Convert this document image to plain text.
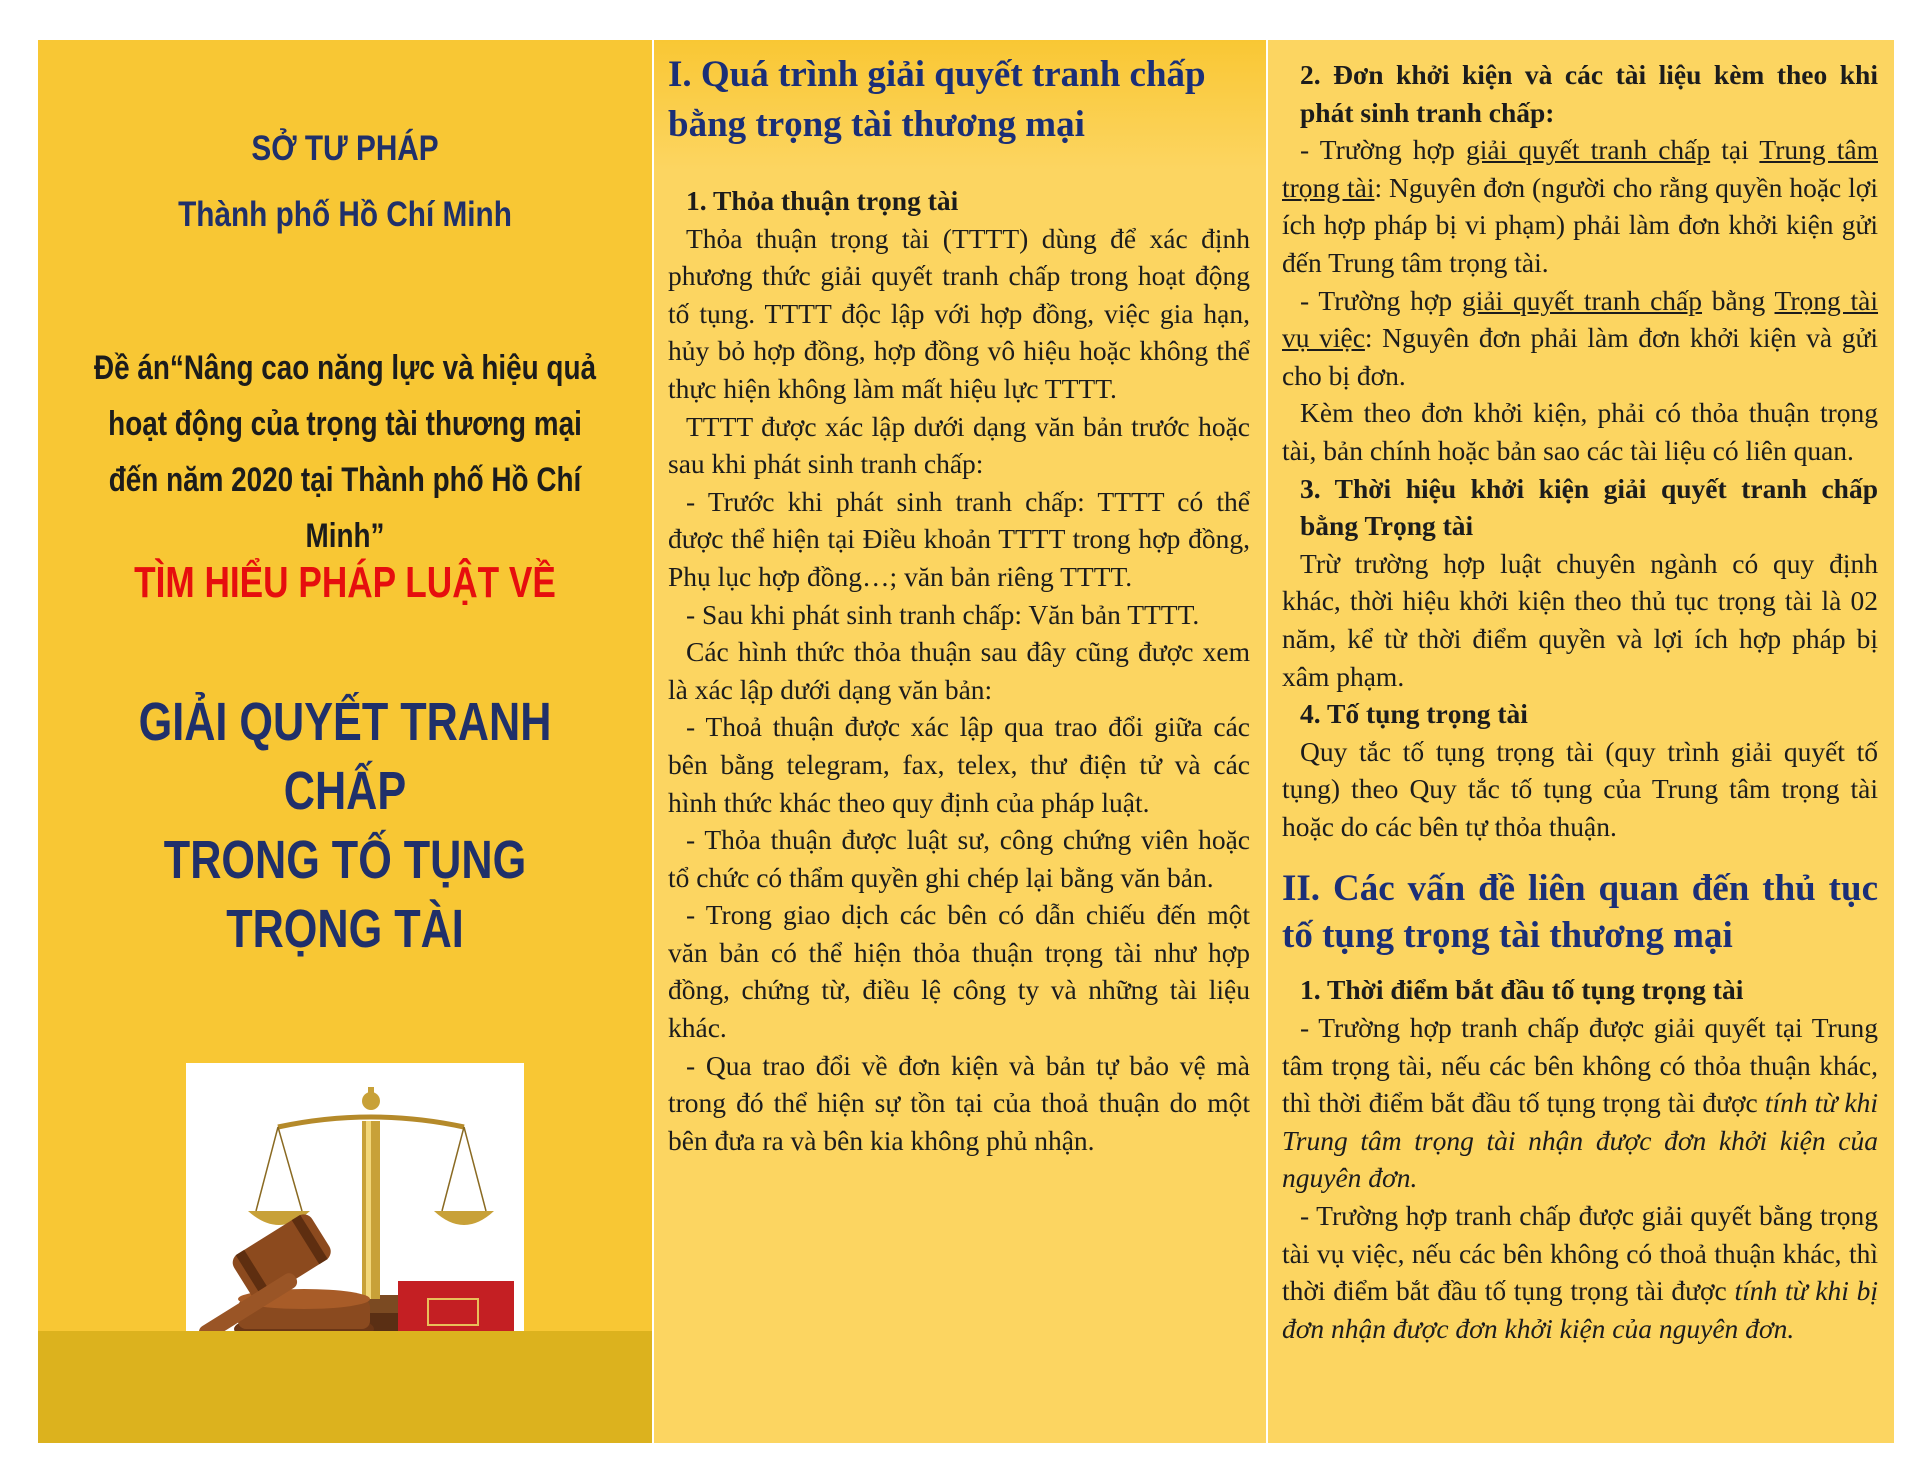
SỞ TƯ PHÁP
Thành phố Hồ Chí Minh
Đề án“Nâng cao năng lực và hiệu quả
hoạt động của trọng tài thương mại
đến năm 2020 tại Thành phố Hồ Chí Minh”
TÌM HIỂU PHÁP LUẬT VỀ
GIẢI QUYẾT TRANH CHẤP
TRONG TỐ TỤNG
TRỌNG TÀI
I. Quá trình giải quyết tranh chấp bằng trọng tài thương mại
1. Thỏa thuận trọng tài

Thỏa thuận trọng tài (TTTT) dùng để xác định phương thức giải quyết tranh chấp trong hoạt động tố tụng. TTTT độc lập với hợp đồng, việc gia hạn, hủy bỏ hợp đồng, hợp đồng vô hiệu hoặc không thể thực hiện không làm mất hiệu lực TTTT.

TTTT được xác lập dưới dạng văn bản trước hoặc sau khi phát sinh tranh chấp:

- Trước khi phát sinh tranh chấp: TTTT có thể được thể hiện tại Điều khoản TTTT trong hợp đồng, Phụ lục hợp đồng…; văn bản riêng TTTT.

- Sau khi phát sinh tranh chấp: Văn bản TTTT.

Các hình thức thỏa thuận sau đây cũng được xem là xác lập dưới dạng văn bản:

- Thoả thuận được xác lập qua trao đổi giữa các bên bằng telegram, fax, telex, thư điện tử và các hình thức khác theo quy định của pháp luật.

- Thỏa thuận được luật sư, công chứng viên hoặc tổ chức có thẩm quyền ghi chép lại bằng văn bản.

- Trong giao dịch các bên có dẫn chiếu đến một văn bản có thể hiện thỏa thuận trọng tài như hợp đồng, chứng từ, điều lệ công ty và những tài liệu khác.

- Qua trao đổi về đơn kiện và bản tự bảo vệ mà trong đó thể hiện sự tồn tại của thoả thuận do một bên đưa ra và bên kia không phủ nhận.

2. Đơn khởi kiện và các tài liệu kèm theo khi phát sinh tranh chấp:

- Trường hợp giải quyết tranh chấp tại Trung tâm trọng tài: Nguyên đơn (người cho rằng quyền hoặc lợi ích hợp pháp bị vi phạm) phải làm đơn khởi kiện gửi đến Trung tâm trọng tài.

- Trường hợp giải quyết tranh chấp bằng Trọng tài vụ việc: Nguyên đơn phải làm đơn khởi kiện và gửi cho bị đơn.

Kèm theo đơn khởi kiện, phải có thỏa thuận trọng tài, bản chính hoặc bản sao các tài liệu có liên quan.

3. Thời hiệu khởi kiện giải quyết tranh chấp bằng Trọng tài

Trừ trường hợp luật chuyên ngành có quy định khác, thời hiệu khởi kiện theo thủ tục trọng tài là 02 năm, kể từ thời điểm quyền và lợi ích hợp pháp bị xâm phạm.

4. Tố tụng trọng tài

Quy tắc tố tụng trọng tài (quy trình giải quyết tố tụng) theo Quy tắc tố tụng của Trung tâm trọng tài hoặc do các bên tự thỏa thuận.

II. Các vấn đề liên quan đến thủ tục tố tụng trọng tài thương mại
1. Thời điểm bắt đầu tố tụng trọng tài

- Trường hợp tranh chấp được giải quyết tại Trung tâm trọng tài, nếu các bên không có thỏa thuận khác, thì thời điểm bắt đầu tố tụng trọng tài được tính từ khi Trung tâm trọng tài nhận được đơn khởi kiện của nguyên đơn.

- Trường hợp tranh chấp được giải quyết bằng trọng tài vụ việc, nếu các bên không có thoả thuận khác, thì thời điểm bắt đầu tố tụng trọng tài được tính từ khi bị đơn nhận được đơn khởi kiện của nguyên đơn.
